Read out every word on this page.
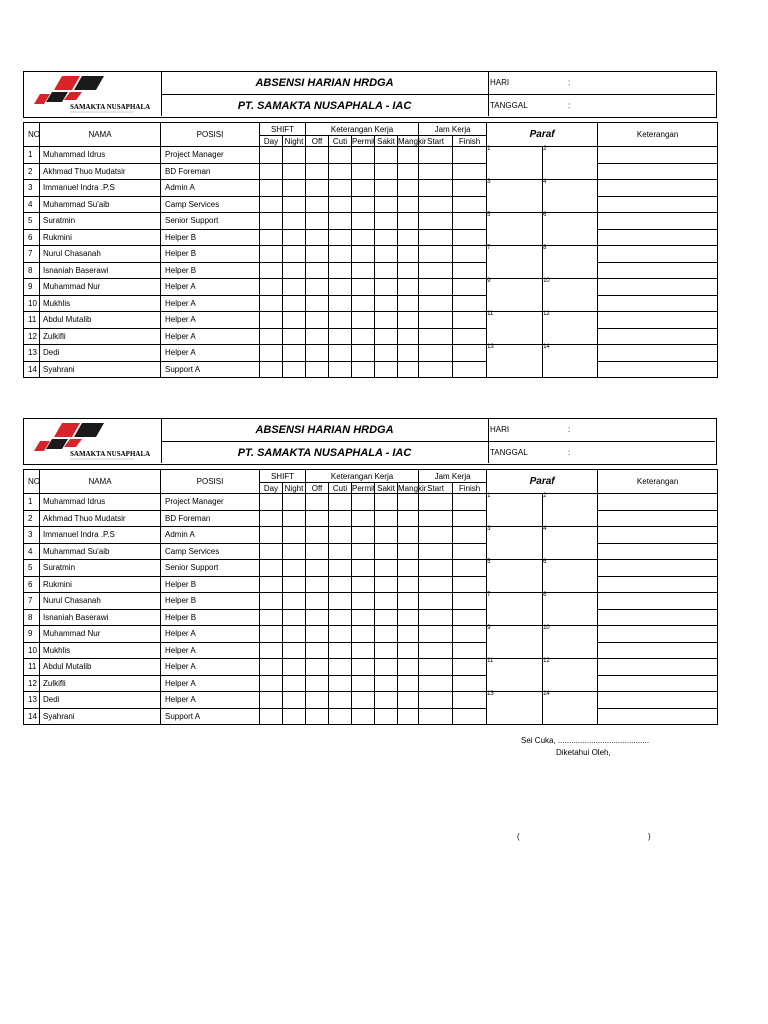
SAMAKTA NUSAPHALA
ABSENSI HARIAN HRDGA
PT. SAMAKTA NUSAPHALA - IAC
HARI	:
TANGGAL	:
NO	NAMA	POSISI	SHIFT		Keterangan Kerja					Jam Kerja		Paraf		Keterangan
			Day	Night	Off	Cuti	Permit	Sakit	Mangkir	Start	Finish			
1	Muhammad Idrus	Project Manager										1	2	

2	Akhmad Thuo Mudatsir	BD Foreman												
3	Immanuel Indra .P.S	Admin A										3	4	

4	Muhammad Su'aib	Camp Services												
5	Suratmin	Senior Support										5	6	

6	Rukmini	Helper B												
7	Nurul Chasanah	Helper B										7	8	

8	Isnaniah Baserawi	Helper B												
9	Muhammad Nur	Helper A										9	10	

10	Mukhlis	Helper A												
11	Abdul Mutalib	Helper A										11	12	

12	Zulkifli	Helper A												
13	Dedi	Helper A										13	14	

14	Syahrani	Support A												
SAMAKTA NUSAPHALA
ABSENSI HARIAN HRDGA
PT. SAMAKTA NUSAPHALA - IAC
HARI	:
TANGGAL	:
NO	NAMA	POSISI	SHIFT		Keterangan Kerja					Jam Kerja		Paraf		Keterangan
			Day	Night	Off	Cuti	Permit	Sakit	Mangkir	Start	Finish			
1	Muhammad Idrus	Project Manager										1	2	

2	Akhmad Thuo Mudatsir	BD Foreman												
3	Immanuel Indra .P.S	Admin A										3	4	

4	Muhammad Su'aib	Camp Services												
5	Suratmin	Senior Support										5	6	

6	Rukmini	Helper B												
7	Nurul Chasanah	Helper B										7	8	

8	Isnaniah Baserawi	Helper B												
9	Muhammad Nur	Helper A										9	10	

10	Mukhlis	Helper A												
11	Abdul Mutalib	Helper A										11	12	

12	Zulkifli	Helper A												
13	Dedi	Helper A										13	14	

14	Syahrani	Support A												
Sei Cuka, .........................................
Diketahui Oleh,
(	)
